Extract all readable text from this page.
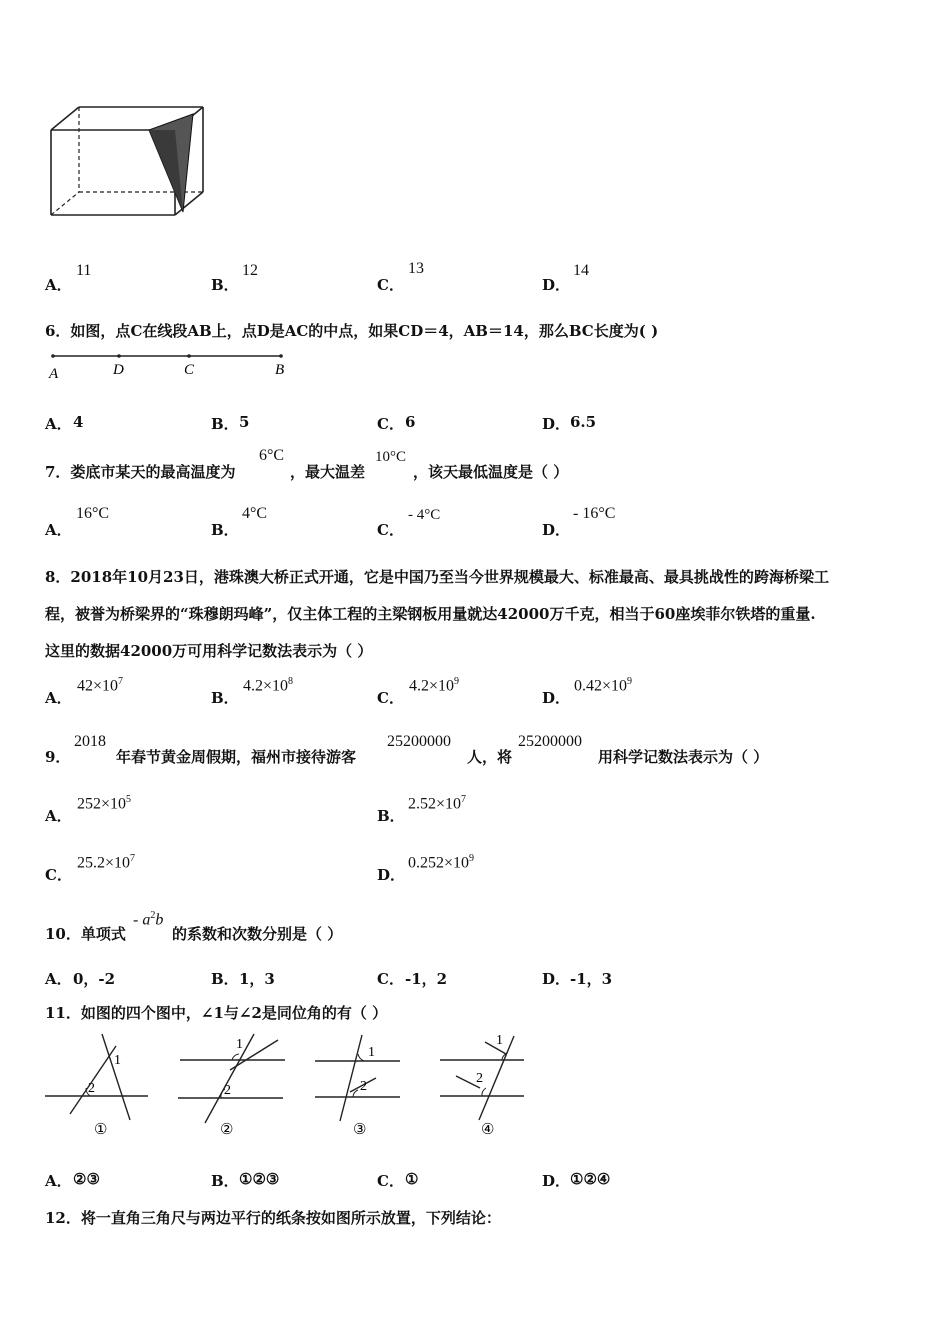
A．
11
B．
12
C．
13
D．
14
6．如图，点C在线段AB上，点D是AC的中点，如果CD＝4，AB＝14，那么BC长度为( )
A	D	C	B
A． 4	B． 5	C． 6	D． 6.5
7．娄底市某天的最高温度为
6°C
，最大温差
10°C
，该天最低温度是（ ）
A．
16°C
B．
4°C
C．
- 4°C
D．
- 16°C
8．2018年10月23日，港珠澳大桥正式开通，它是中国乃至当今世界规模最大、标准最高、最具挑战性的跨海桥梁工
程，被誉为桥梁界的“珠穆朗玛峰”，仅主体工程的主梁钢板用量就达42000万千克，相当于60座埃菲尔铁塔的重量.
这里的数据42000万可用科学记数法表示为（ ）
A．
$42\times 10^7$
B．
$4.2\times 10^8$
C．
$4.2\times 10^9$
D．
$0.42\times 10^9$
9．
2018
年春节黄金周假期，福州市接待游客
25200000
人，将
25200000
用科学记数法表示为（ ）
A．
$252\times 10^5$
B．
$2.52\times 10^7$
C．
$25.2\times 10^7$
D．
$0.252\times 10^9$
10．单项式
- $a^2b$
的系数和次数分别是（ ）
A． 0，-2	B． 1，3	C． -1，2	D． -1，3
11．如图的四个图中，∠1与∠2是同位角的有（ ）
1
2
1
2
1
2
1
2
①	②	③	④
A． ②③	B． ①②③	C． ①	D． ①②④
12．将一直角三角尺与两边平行的纸条按如图所示放置，下列结论：
